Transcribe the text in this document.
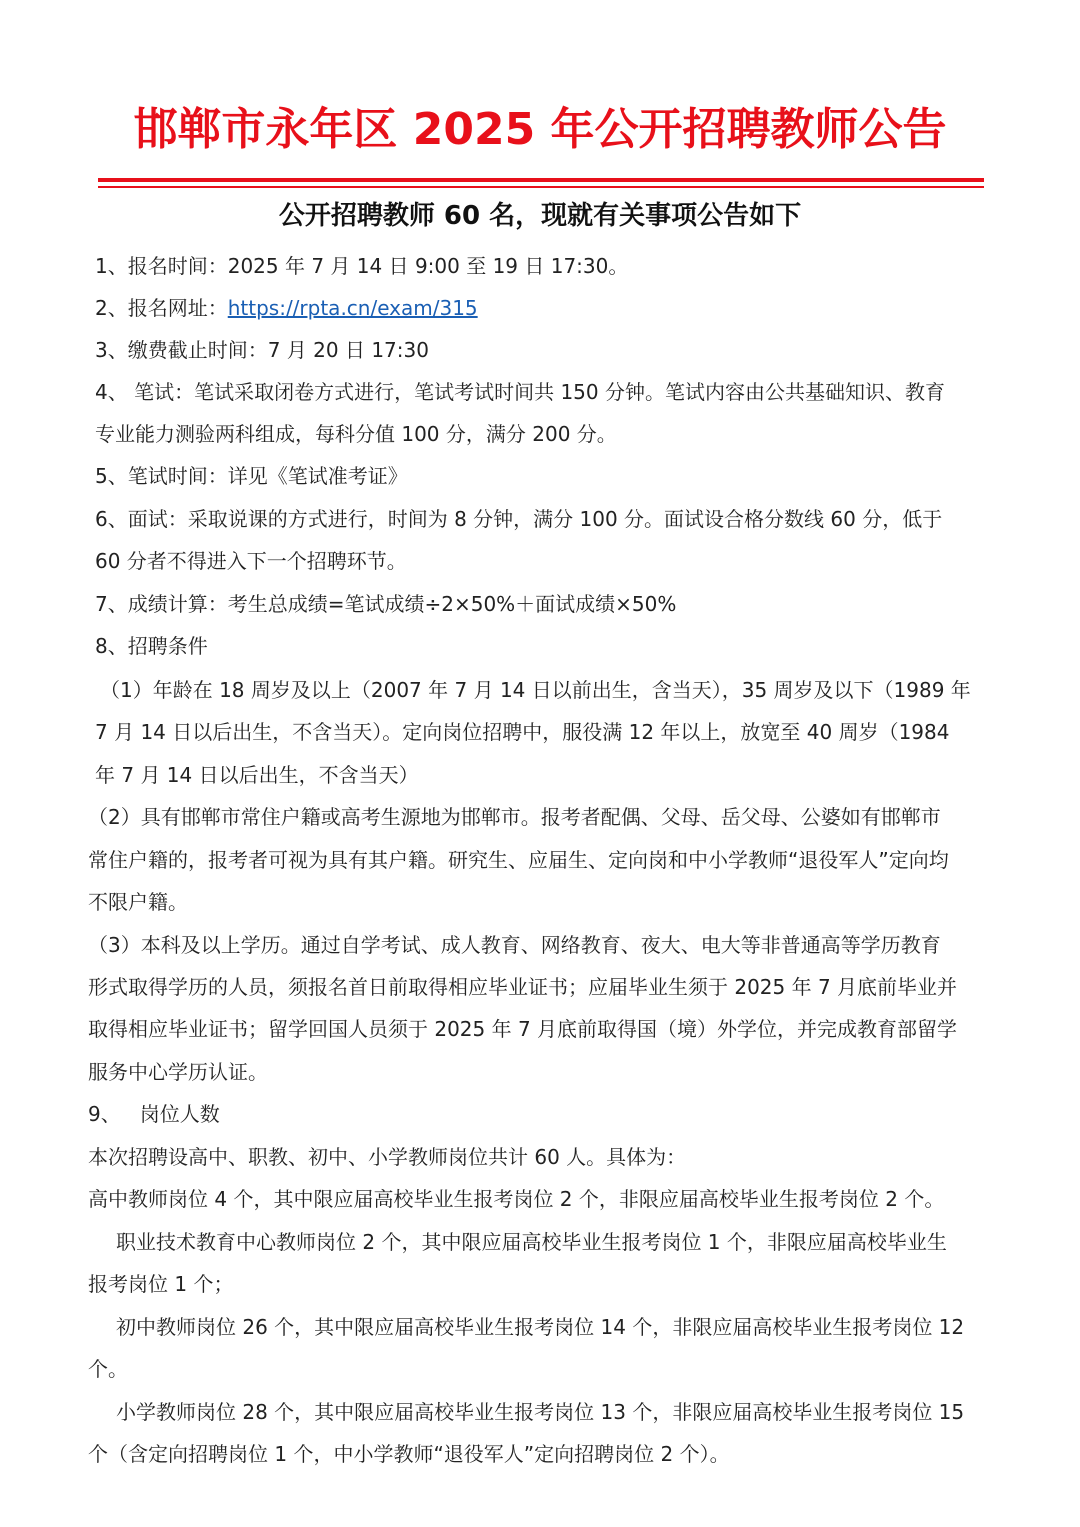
邯郸市永年区 2025 年公开招聘教师公告
公开招聘教师 60 名，现就有关事项公告如下
1、报名时间：2025 年 7 月 14 日 9:00 至 19 日 17:30。
2、报名网址：https://rpta.cn/exam/315
3、缴费截止时间：7 月 20 日 17:30
4、 笔试：笔试采取闭卷方式进行，笔试考试时间共 150 分钟。笔试内容由公共基础知识、教育
专业能力测验两科组成，每科分值 100 分，满分 200 分。
5、笔试时间：详见《笔试准考证》
6、面试：采取说课的方式进行，时间为 8 分钟，满分 100 分。面试设合格分数线 60 分，低于
60 分者不得进入下一个招聘环节。
7、成绩计算：考生总成绩=笔试成绩÷2×50%＋面试成绩×50%
8、招聘条件
（1）年龄在 18 周岁及以上（2007 年 7 月 14 日以前出生，含当天），35 周岁及以下（1989 年
7 月 14 日以后出生，不含当天）。定向岗位招聘中，服役满 12 年以上，放宽至 40 周岁（1984
年 7 月 14 日以后出生，不含当天）
（2）具有邯郸市常住户籍或高考生源地为邯郸市。报考者配偶、父母、岳父母、公婆如有邯郸市
常住户籍的，报考者可视为具有其户籍。研究生、应届生、定向岗和中小学教师“退役军人”定向均
不限户籍。
（3）本科及以上学历。通过自学考试、成人教育、网络教育、夜大、电大等非普通高等学历教育
形式取得学历的人员，须报名首日前取得相应毕业证书；应届毕业生须于 2025 年 7 月底前毕业并
取得相应毕业证书；留学回国人员须于 2025 年 7 月底前取得国（境）外学位，并完成教育部留学
服务中心学历认证。
9、   岗位人数
本次招聘设高中、职教、初中、小学教师岗位共计 60 人。具体为：
高中教师岗位 4 个，其中限应届高校毕业生报考岗位 2 个，非限应届高校毕业生报考岗位 2 个。
职业技术教育中心教师岗位 2 个，其中限应届高校毕业生报考岗位 1 个，非限应届高校毕业生
报考岗位 1 个；
初中教师岗位 26 个，其中限应届高校毕业生报考岗位 14 个，非限应届高校毕业生报考岗位 12
个。
小学教师岗位 28 个，其中限应届高校毕业生报考岗位 13 个，非限应届高校毕业生报考岗位 15
个（含定向招聘岗位 1 个，中小学教师“退役军人”定向招聘岗位 2 个）。
